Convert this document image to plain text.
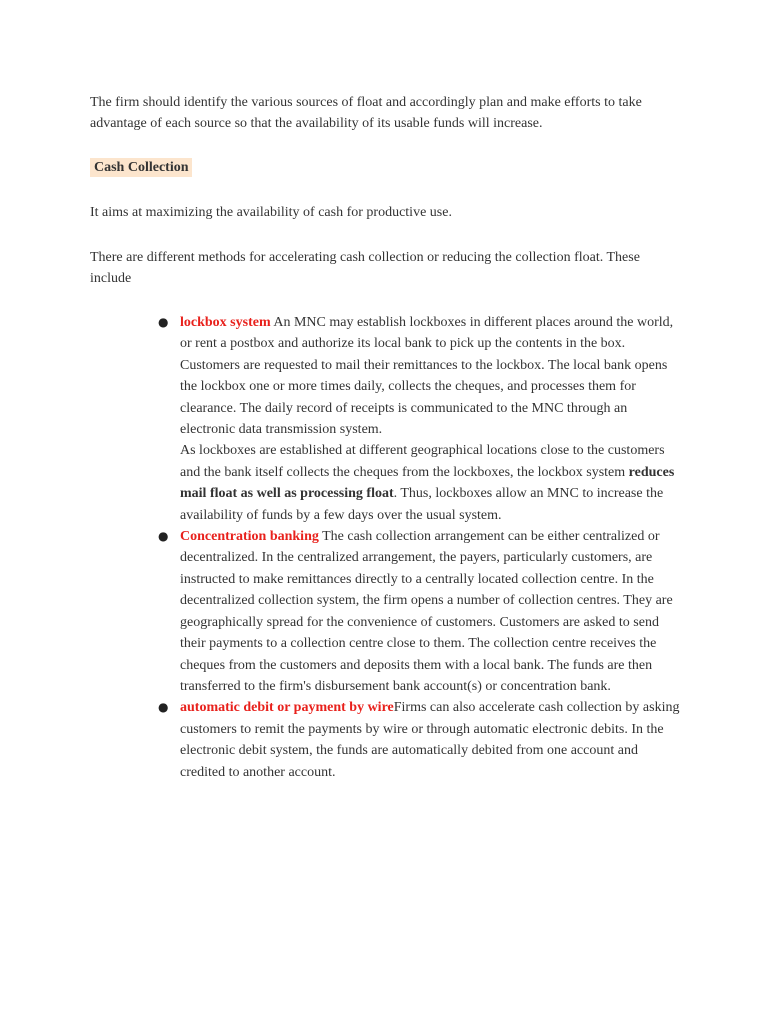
The firm should identify the various sources of float and accordingly plan and make efforts to take advantage of each source so that the availability of its usable funds will increase.

Cash Collection

It aims at maximizing the availability of cash for productive use.

There are different methods for accelerating cash collection or reducing the collection float. These include

● lockbox system An MNC may establish lockboxes in different places around the world, or rent a postbox and authorize its local bank to pick up the contents in the box. Customers are requested to mail their remittances to the lockbox. The local bank opens the lockbox one or more times daily, collects the cheques, and processes them for clearance. The daily record of receipts is communicated to the MNC through an electronic data transmission system.
As lockboxes are established at different geographical locations close to the customers and the bank itself collects the cheques from the lockboxes, the lockbox system reduces mail float as well as processing float. Thus, lockboxes allow an MNC to increase the availability of funds by a few days over the usual system.
● Concentration banking The cash collection arrangement can be either centralized or decentralized. In the centralized arrangement, the payers, particularly customers, are instructed to make remittances directly to a centrally located collection centre. In the decentralized collection system, the firm opens a number of collection centres. They are geographically spread for the convenience of customers. Customers are asked to send their payments to a collection centre close to them. The collection centre receives the cheques from the customers and deposits them with a local bank. The funds are then transferred to the firm's disbursement bank account(s) or concentration bank.
● automatic debit or payment by wireFirms can also accelerate cash collection by asking customers to remit the payments by wire or through automatic electronic debits. In the electronic debit system, the funds are automatically debited from one account and credited to another account.
